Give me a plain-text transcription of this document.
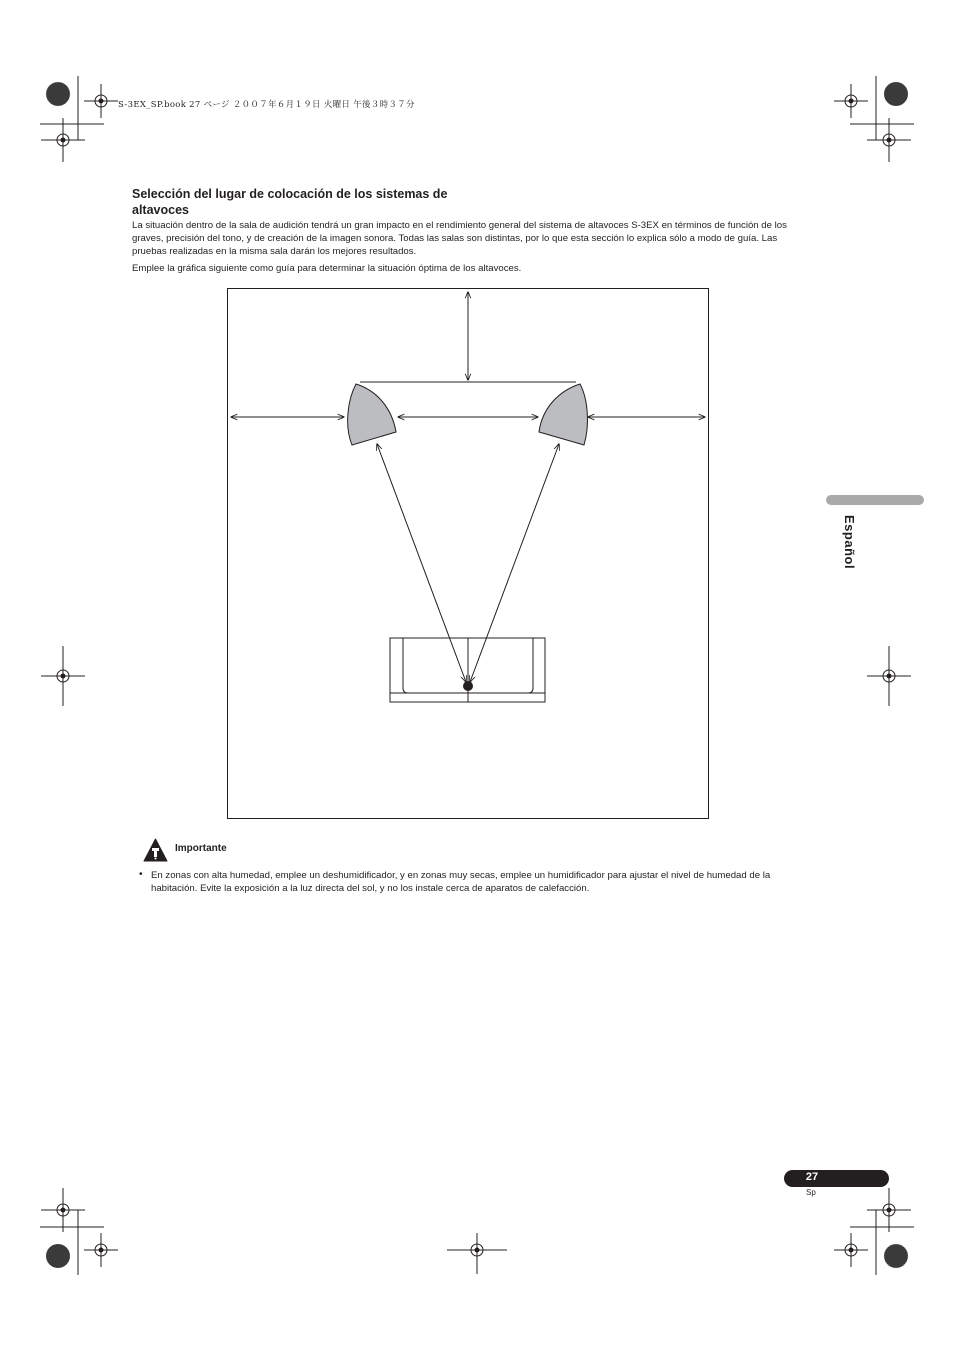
S-3EX_SP.book 27 ページ ２００７年６月１９日 火曜日 午後３時３７分
Selección del lugar de colocación de los sistemas de altavoces
La situación dentro de la sala de audición tendrá un gran impacto en el rendimiento general del sistema de altavoces S-3EX en términos de función de los graves, precisión del tono, y de creación de la imagen sonora. Todas las salas son distintas, por lo que esta sección lo explica sólo a modo de guía. Las pruebas realizadas en la misma sala darán los mejores resultados.
Emplee la gráfica siguiente como guía para determinar la situación óptima de los altavoces.
Importante
• En zonas con alta humedad, emplee un deshumidificador, y en zonas muy secas, emplee un humidificador para ajustar el nivel de humedad de la habitación. Evite la exposición a la luz directa del sol, y no los instale cerca de aparatos de calefacción.
Español
27
Sp
